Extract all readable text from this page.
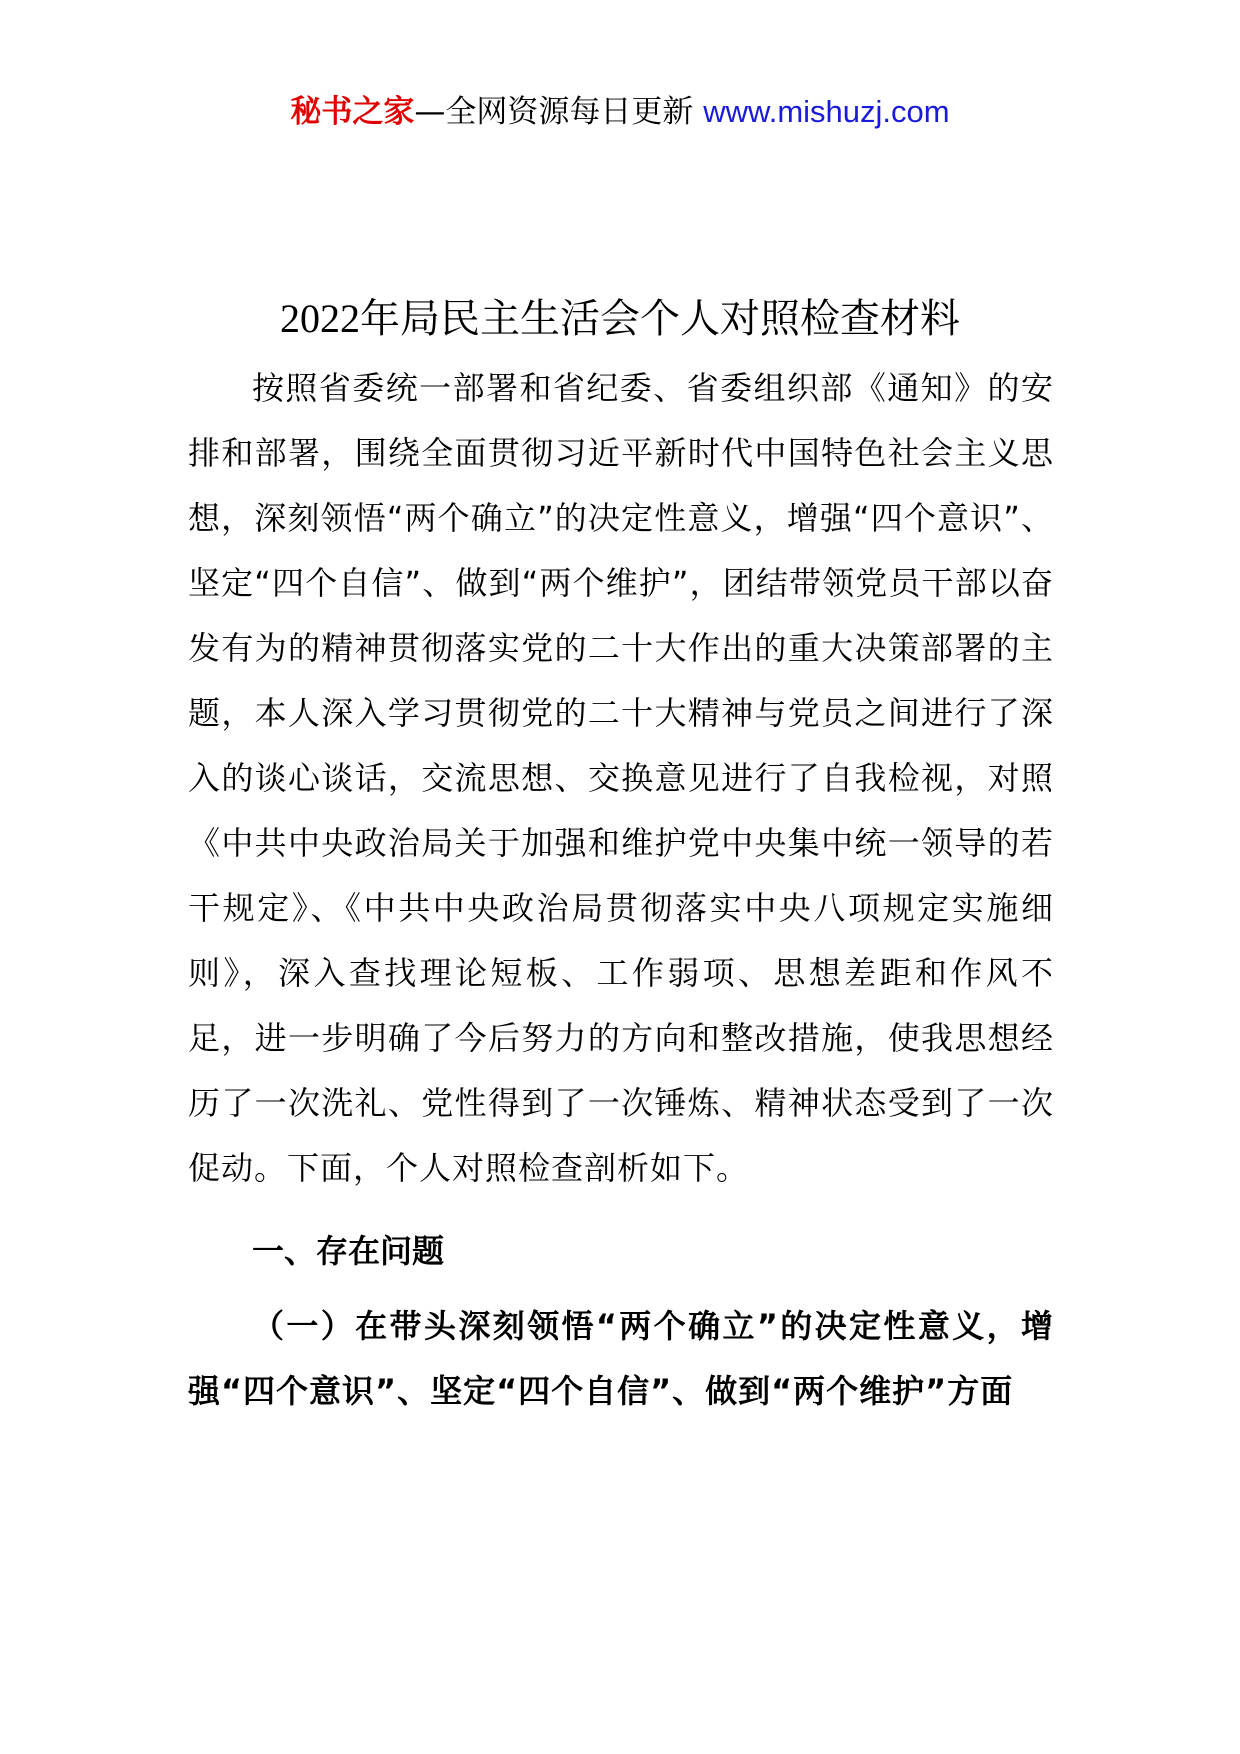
秘书之家—全网资源每日更新 www.mishuzj.com
2022年局民主生活会个人对照检查材料

按照省委统一部署和省纪委、省委组织部《通知》的安排和部署，围绕全面贯彻习近平新时代中国特色社会主义思想，深刻领悟“两个确立”的决定性意义，增强“四个意识”、坚定“四个自信”、做到“两个维护”，团结带领党员干部以奋发有为的精神贯彻落实党的二十大作出的重大决策部署的主题，本人深入学习贯彻党的二十大精神与党员之间进行了深入的谈心谈话，交流思想、交换意见进行了自我检视，对照《中共中央政治局关于加强和维护党中央集中统一领导的若干规定》、《中共中央政治局贯彻落实中央八项规定实施细则》，深入查找理论短板、工作弱项、思想差距和作风不足，进一步明确了今后努力的方向和整改措施，使我思想经历了一次洗礼、党性得到了一次锤炼、精神状态受到了一次促动。下面，个人对照检查剖析如下。

一、存在问题

（一）在带头深刻领悟“两个确立”的决定性意义，增强“四个意识”、坚定“四个自信”、做到“两个维护”方面
